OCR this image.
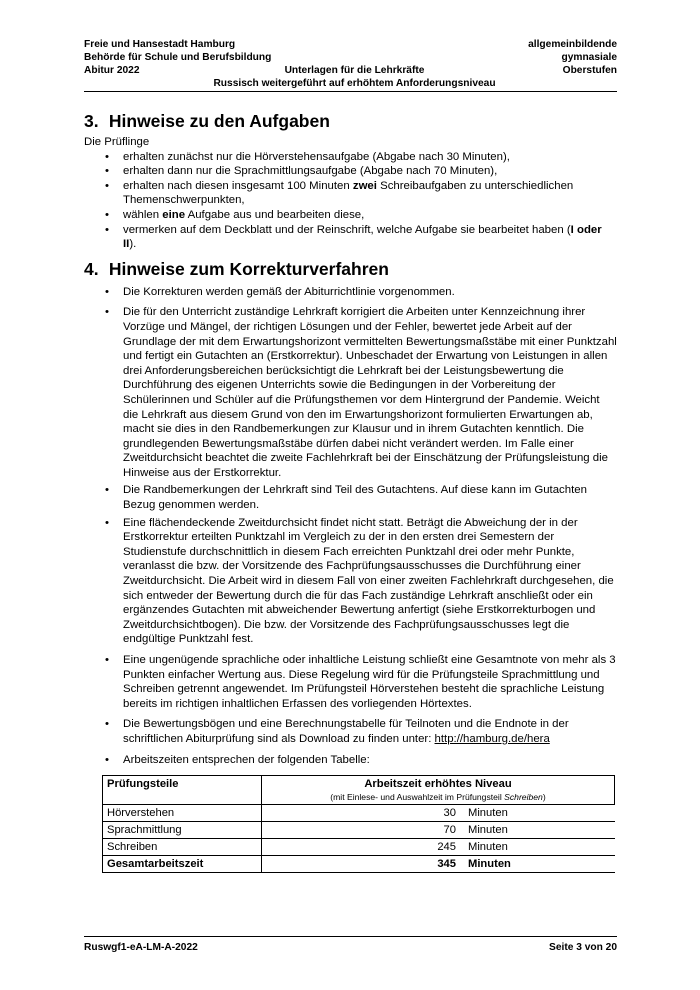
Freie und Hansestadt Hamburg
Behörde für Schule und Berufsbildung
Abitur 2022	Unterlagen für die Lehrkräfte
Russisch weitergeführt auf erhöhtem Anforderungsniveau
allgemeinbildende
gymnasiale
Oberstufen
3. Hinweise zu den Aufgaben

Die Prüflinge

• erhalten zunächst nur die Hörverstehensaufgabe (Abgabe nach 30 Minuten),
• erhalten dann nur die Sprachmittlungsaufgabe (Abgabe nach 70 Minuten),
• erhalten nach diesen insgesamt 100 Minuten zwei Schreibaufgaben zu unterschiedlichen Themenschwerpunkten,
• wählen eine Aufgabe aus und bearbeiten diese,
• vermerken auf dem Deckblatt und der Reinschrift, welche Aufgabe sie bearbeitet haben (I oder II).
4. Hinweise zum Korrekturverfahren
• Die Korrekturen werden gemäß der Abiturrichtlinie vorgenommen.
• Die für den Unterricht zuständige Lehrkraft korrigiert die Arbeiten unter Kennzeichnung ihrer Vorzüge und Mängel, der richtigen Lösungen und der Fehler, bewertet jede Arbeit auf der Grundlage der mit dem Erwartungshorizont vermittelten Bewertungsmaßstäbe mit einer Punktzahl und fertigt ein Gutachten an (Erstkorrektur). Unbeschadet der Erwartung von Leistungen in allen drei Anforderungsbereichen berücksichtigt die Lehrkraft bei der Leistungsbewertung die Durchführung des eigenen Unterrichts sowie die Bedingungen in der Vorbereitung der Schülerinnen und Schüler auf die Prüfungsthemen vor dem Hintergrund der Pandemie. Weicht die Lehrkraft aus diesem Grund von den im Erwartungshorizont formulierten Erwartungen ab, macht sie dies in den Randbemerkungen zur Klausur und in ihrem Gutachten kenntlich. Die grundlegenden Bewertungsmaßstäbe dürfen dabei nicht verändert werden. Im Falle einer Zweitdurchsicht beachtet die zweite Fachlehrkraft bei der Einschätzung der Prüfungsleistung die Hinweise aus der Erstkorrektur.
• Die Randbemerkungen der Lehrkraft sind Teil des Gutachtens. Auf diese kann im Gutachten Bezug genommen werden.
• Eine flächendeckende Zweitdurchsicht findet nicht statt. Beträgt die Abweichung der in der Erstkorrektur erteilten Punktzahl im Vergleich zu der in den ersten drei Semestern der Studienstufe durchschnittlich in diesem Fach erreichten Punktzahl drei oder mehr Punkte, veranlasst die bzw. der Vorsitzende des Fachprüfungsausschusses die Durchführung einer Zweitdurchsicht. Die Arbeit wird in diesem Fall von einer zweiten Fachlehrkraft durchgesehen, die sich entweder der Bewertung durch die für das Fach zuständige Lehrkraft anschließt oder ein ergänzendes Gutachten mit abweichender Bewertung anfertigt (siehe Erstkorrekturbogen und Zweitdurchsichtbogen). Die bzw. der Vorsitzende des Fachprüfungsausschusses legt die endgültige Punktzahl fest.
• Eine ungenügende sprachliche oder inhaltliche Leistung schließt eine Gesamtnote von mehr als 3 Punkten einfacher Wertung aus. Diese Regelung wird für die Prüfungsteile Sprachmittlung und Schreiben getrennt angewendet. Im Prüfungsteil Hörverstehen besteht die sprachliche Leistung bereits im richtigen inhaltlichen Erfassen des vorliegenden Hörtextes.
• Die Bewertungsbögen und eine Berechnungstabelle für Teilnoten und die Endnote in der schriftlichen Abiturprüfung sind als Download zu finden unter: http://hamburg.de/hera
• Arbeitszeiten entsprechen der folgenden Tabelle:
Prüfungsteile	Arbeitszeit erhöhtes Niveau
(mit Einlese- und Auswahlzeit im Prüfungsteil Schreiben)	

Hörverstehen	30	Minuten
Sprachmittlung	70	Minuten
Schreiben	245	Minuten
Gesamtarbeitszeit	345	Minuten
Ruswgf1-eA-LM-A-2022	Seite 3 von 20
